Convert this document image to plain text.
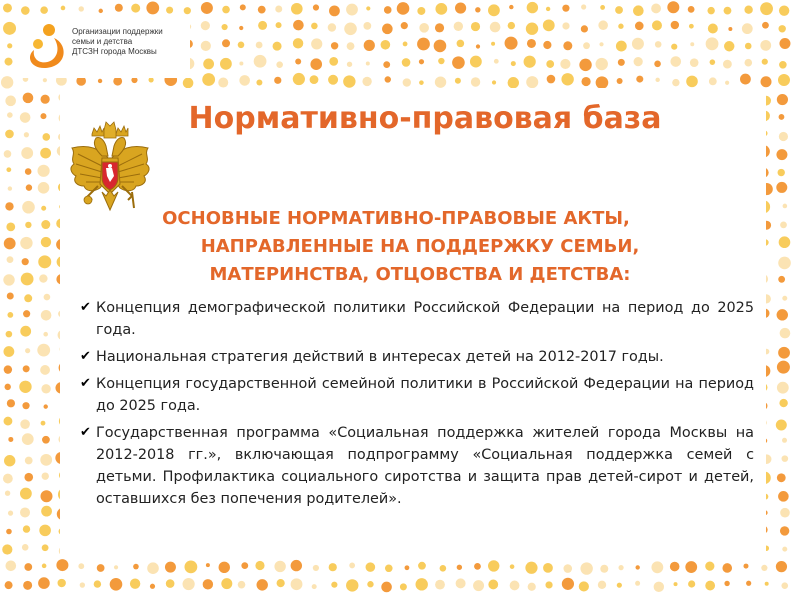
Организации поддержки
семьи и детства
ДТСЗН города Москвы
Нормативно-правовая база
ОСНОВНЫЕ НОРМАТИВНО-ПРАВОВЫЕ АКТЫ,
НАПРАВЛЕННЫЕ НА ПОДДЕРЖКУ СЕМЬИ,
МАТЕРИНСТВА, ОТЦОВСТВА И ДЕТСТВА:
✔ Концепция демографической политики Российской Федерации на период до 2025 года.
✔ Национальная стратегия действий в интересах детей на 2012-2017 годы.
✔ Концепция государственной семейной политики в Российской Федерации на период до 2025 года.
✔ Государственная программа «Социальная поддержка жителей города Москвы на 2012-2018 гг.», включающая подпрограмму «Социальная поддержка семей с детьми. Профилактика социального сиротства и защита прав детей-сирот и детей, оставшихся без попечения родителей».
